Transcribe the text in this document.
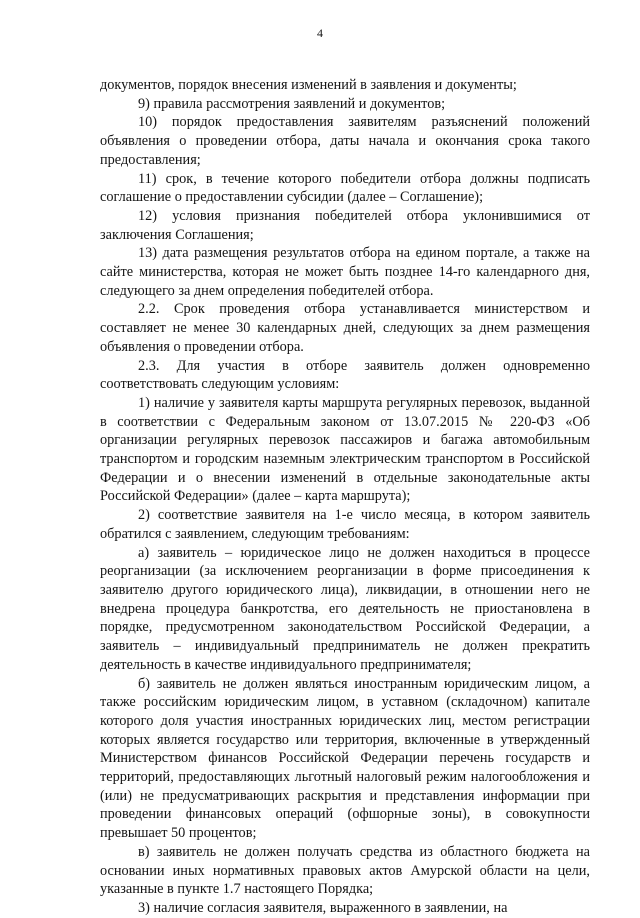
4

документов, порядок внесения изменений в заявления и документы;

9) правила рассмотрения заявлений и документов;

10) порядок предоставления заявителям разъяснений положений объявления о проведении отбора, даты начала и окончания срока такого предоставления;

11) срок, в течение которого победители отбора должны подписать соглашение о предоставлении субсидии (далее – Соглашение);

12) условия признания победителей отбора уклонившимися от заключения Соглашения;

13) дата размещения результатов отбора на едином портале, а также на сайте министерства, которая не может быть позднее 14-го календарного дня, следующего за днем определения победителей отбора.

2.2. Срок проведения отбора устанавливается министерством и составляет не менее 30 календарных дней, следующих за днем размещения объявления о проведении отбора.

2.3. Для участия в отборе заявитель должен одновременно соответствовать следующим условиям:

1) наличие у заявителя карты маршрута регулярных перевозок, выданной в соответствии с Федеральным законом от 13.07.2015 № 220-ФЗ «Об организации регулярных перевозок пассажиров и багажа автомобильным транспортом и городским наземным электрическим транспортом в Российской Федерации и о внесении изменений в отдельные законодательные акты Российской Федерации» (далее – карта маршрута);

2) соответствие заявителя на 1-е число месяца, в котором заявитель обратился с заявлением, следующим требованиям:

а) заявитель – юридическое лицо не должен находиться в процессе реорганизации (за исключением реорганизации в форме присоединения к заявителю другого юридического лица), ликвидации, в отношении него не внедрена процедура банкротства, его деятельность не приостановлена в порядке, предусмотренном законодательством Российской Федерации, а заявитель – индивидуальный предприниматель не должен прекратить деятельность в качестве индивидуального предпринимателя;

б) заявитель не должен являться иностранным юридическим лицом, а также российским юридическим лицом, в уставном (складочном) капитале которого доля участия иностранных юридических лиц, местом регистрации которых является государство или территория, включенные в утвержденный Министерством финансов Российской Федерации перечень государств и территорий, предоставляющих льготный налоговый режим налогообложения и (или) не предусматривающих раскрытия и представления информации при проведении финансовых операций (офшорные зоны), в совокупности превышает 50 процентов;

в) заявитель не должен получать средства из областного бюджета на основании иных нормативных правовых актов Амурской области на цели, указанные в пункте 1.7 настоящего Порядка;

3) наличие согласия заявителя, выраженного в заявлении, на
